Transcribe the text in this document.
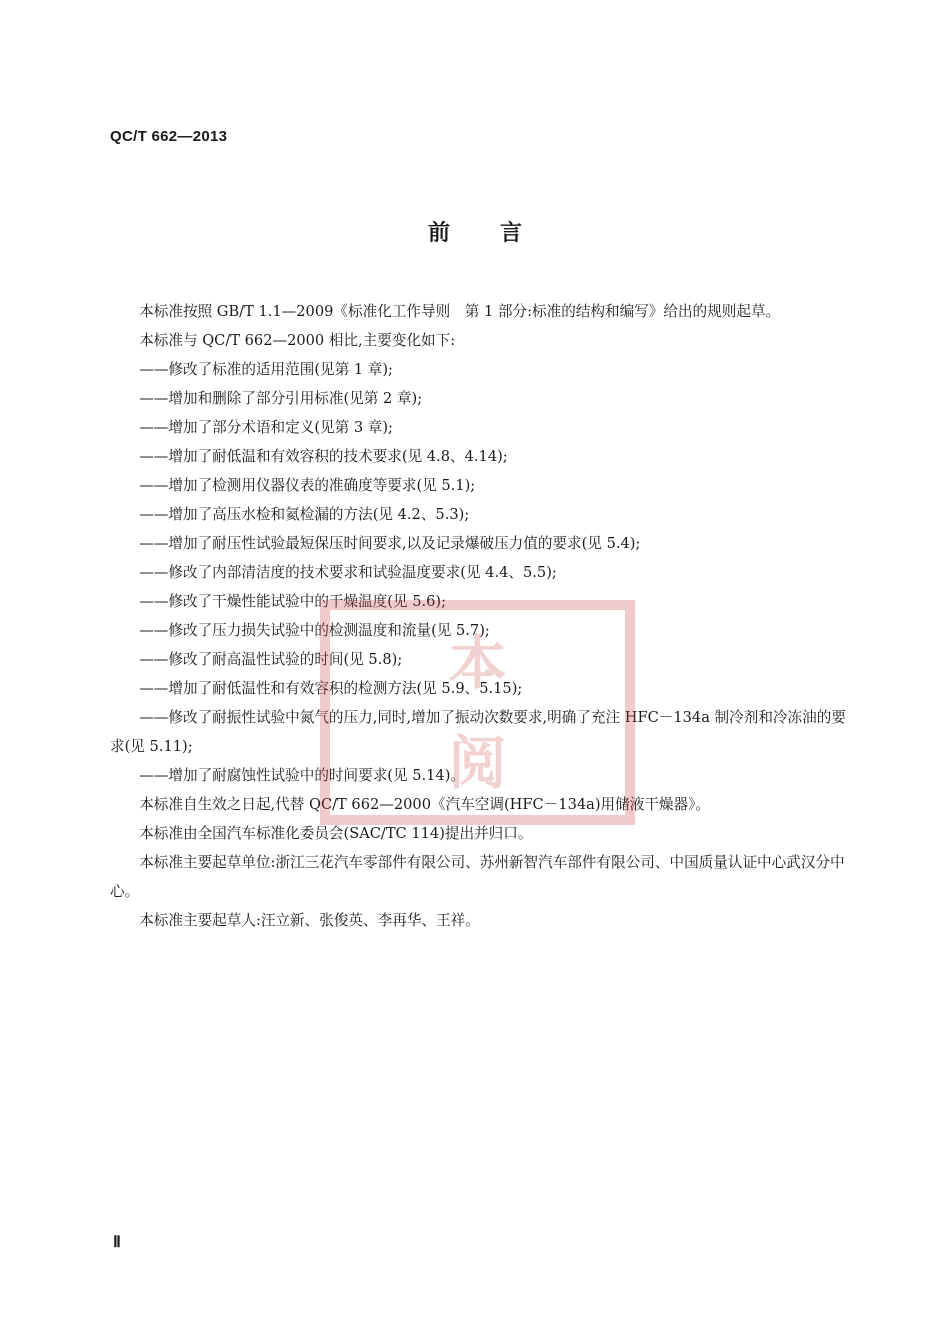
QC/T 662—2013
前 言

本标准按照 GB/T 1.1—2009《标准化工作导则　第 1 部分:标准的结构和编写》给出的规则起草。

本标准与 QC/T 662—2000 相比,主要变化如下:

——修改了标准的适用范围(见第 1 章);

——增加和删除了部分引用标准(见第 2 章);

——增加了部分术语和定义(见第 3 章);

——增加了耐低温和有效容积的技术要求(见 4.8、4.14);

——增加了检测用仪器仪表的准确度等要求(见 5.1);

——增加了高压水检和氦检漏的方法(见 4.2、5.3);

——增加了耐压性试验最短保压时间要求,以及记录爆破压力值的要求(见 5.4);

——修改了内部清洁度的技术要求和试验温度要求(见 4.4、5.5);

——修改了干燥性能试验中的干燥温度(见 5.6);

——修改了压力损失试验中的检测温度和流量(见 5.7);

——修改了耐高温性试验的时间(见 5.8);

——增加了耐低温性和有效容积的检测方法(见 5.9、5.15);

——修改了耐振性试验中氮气的压力,同时,增加了振动次数要求,明确了充注 HFC－134a 制冷剂和冷冻油的要求(见 5.11);

——增加了耐腐蚀性试验中的时间要求(见 5.14)。

本标准自生效之日起,代替 QC/T 662—2000《汽车空调(HFC－134a)用储液干燥器》。

本标准由全国汽车标准化委员会(SAC/TC 114)提出并归口。

本标准主要起草单位:浙江三花汽车零部件有限公司、苏州新智汽车部件有限公司、中国质量认证中心武汉分中心。

本标准主要起草人:汪立新、张俊英、李再华、王祥。

本
阅
Ⅱ
